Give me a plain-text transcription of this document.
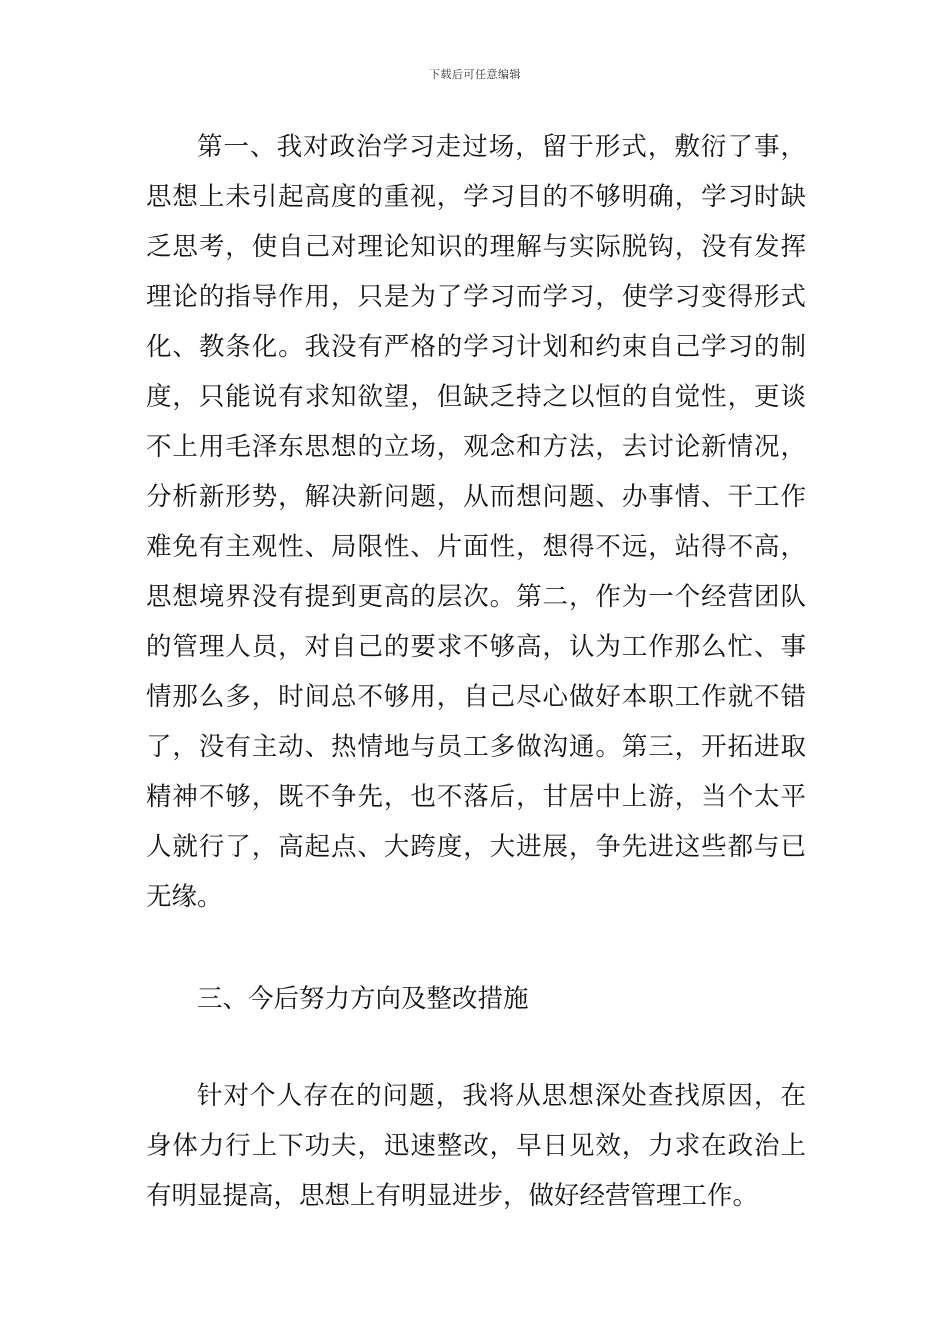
下载后可任意编辑
第一、我对政治学习走过场，留于形式，敷衍了事，
思想上未引起高度的重视，学习目的不够明确，学习时缺
乏思考，使自己对理论知识的理解与实际脱钩，没有发挥
理论的指导作用，只是为了学习而学习，使学习变得形式
化、教条化。我没有严格的学习计划和约束自己学习的制
度，只能说有求知欲望，但缺乏持之以恒的自觉性，更谈
不上用毛泽东思想的立场，观念和方法，去讨论新情况，
分析新形势，解决新问题，从而想问题、办事情、干工作
难免有主观性、局限性、片面性，想得不远，站得不高，
思想境界没有提到更高的层次。第二，作为一个经营团队
的管理人员，对自己的要求不够高，认为工作那么忙、事
情那么多，时间总不够用，自己尽心做好本职工作就不错
了，没有主动、热情地与员工多做沟通。第三，开拓进取
精神不够，既不争先，也不落后，甘居中上游，当个太平
人就行了，高起点、大跨度，大进展，争先进这些都与已
无缘。
三、今后努力方向及整改措施
针对个人存在的问题，我将从思想深处查找原因，在
身体力行上下功夫，迅速整改，早日见效，力求在政治上
有明显提高，思想上有明显进步，做好经营管理工作。
